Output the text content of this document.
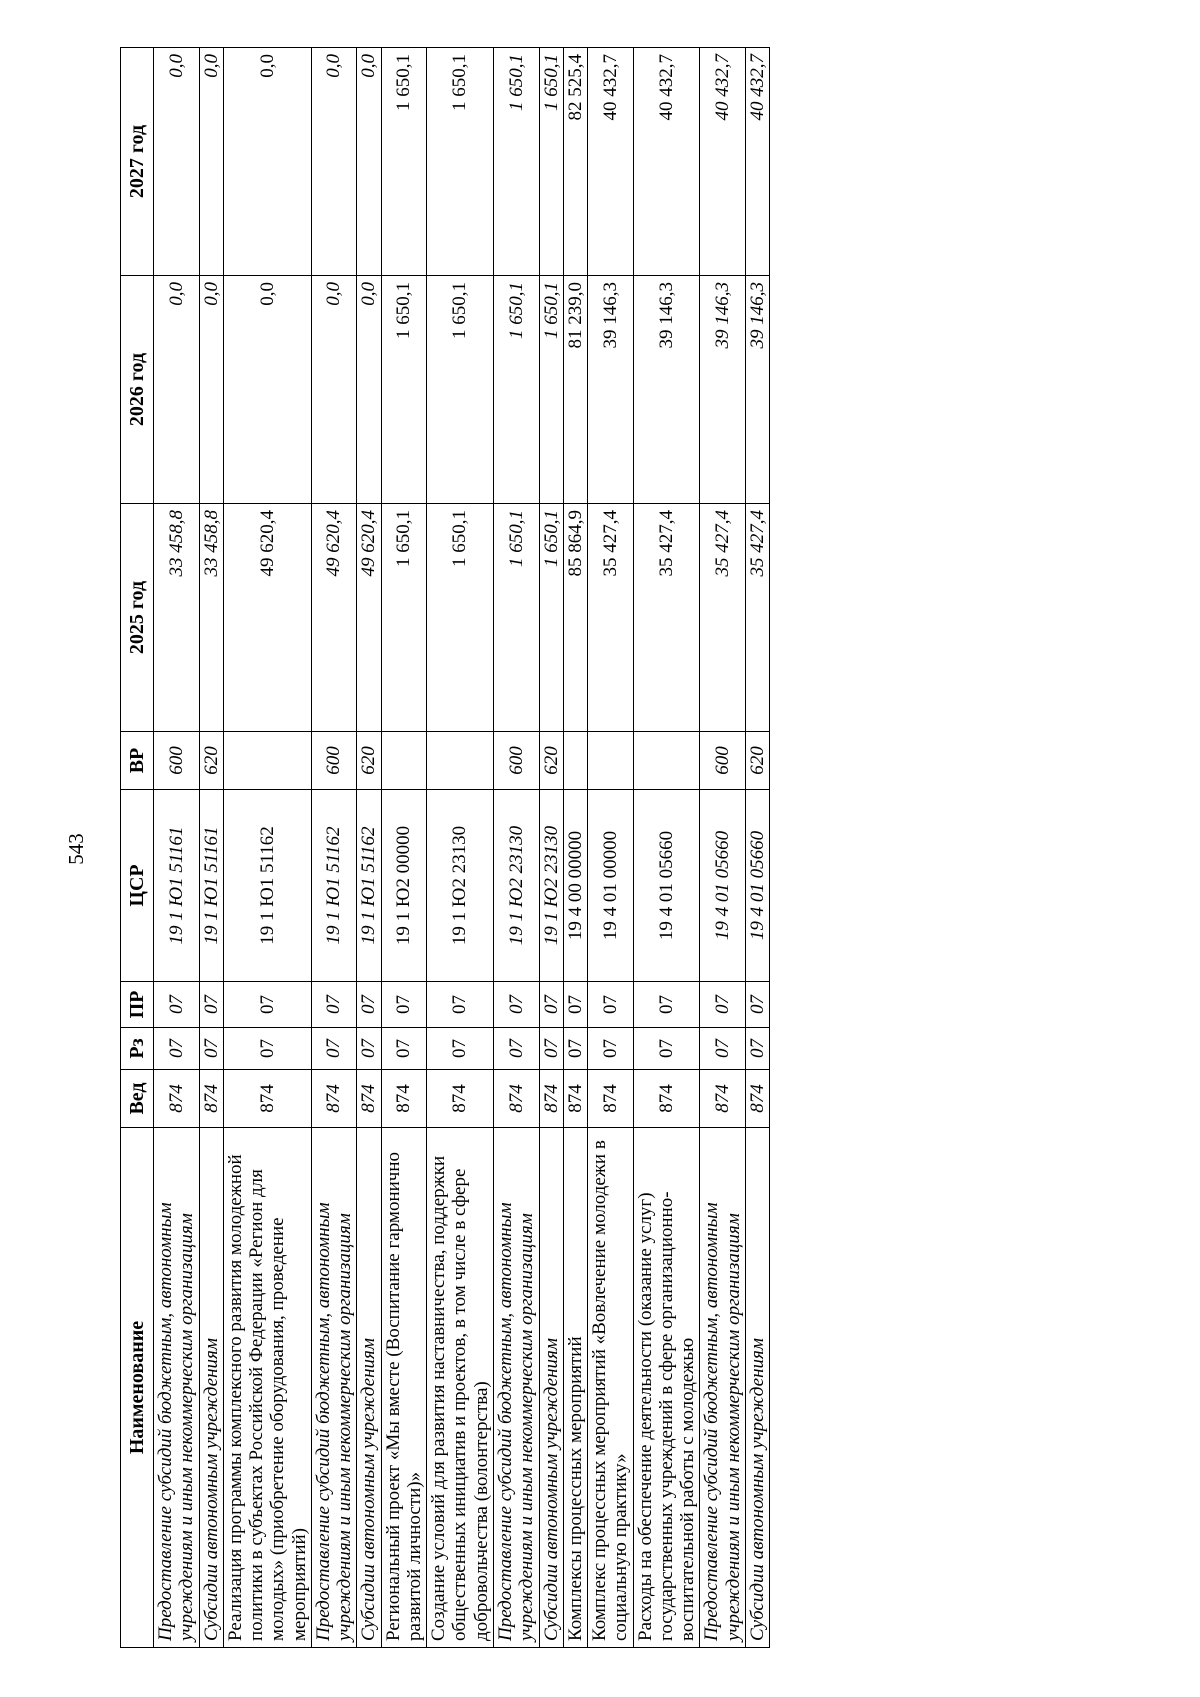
543
Наименование	Вед	Рз	ПР	ЦСР	ВР	2025 год	2026 год	2027 год
Предоставление субсидий бюджетным, автономным учреждениям и иным некоммерческим организациям	874	07	07	19 1 Ю1 51161	600	33 458,8	0,0	0,0
Субсидии автономным учреждениям	874	07	07	19 1 Ю1 51161	620	33 458,8	0,0	0,0
Реализация программы комплексного развития молодежной политики в субъектах Российской Федерации «Регион для молодых» (приобретение оборудования, проведение мероприятий)	874	07	07	19 1 Ю1 51162		49 620,4	0,0	0,0
Предоставление субсидий бюджетным, автономным учреждениям и иным некоммерческим организациям	874	07	07	19 1 Ю1 51162	600	49 620,4	0,0	0,0
Субсидии автономным учреждениям	874	07	07	19 1 Ю1 51162	620	49 620,4	0,0	0,0
Региональный проект «Мы вместе (Воспитание гармонично развитой личности)»	874	07	07	19 1 Ю2 00000		1 650,1	1 650,1	1 650,1
Создание условий для развития наставничества, поддержки общественных инициатив и проектов, в том числе в сфере добровольчества (волонтерства)	874	07	07	19 1 Ю2 23130		1 650,1	1 650,1	1 650,1
Предоставление субсидий бюджетным, автономным учреждениям и иным некоммерческим организациям	874	07	07	19 1 Ю2 23130	600	1 650,1	1 650,1	1 650,1
Субсидии автономным учреждениям	874	07	07	19 1 Ю2 23130	620	1 650,1	1 650,1	1 650,1
Комплексы процессных мероприятий	874	07	07	19 4 00 00000		85 864,9	81 239,0	82 525,4
Комплекс процессных мероприятий «Вовлечение молодежи в социальную практику»	874	07	07	19 4 01 00000		35 427,4	39 146,3	40 432,7
Расходы на обеспечение деятельности (оказание услуг) государственных учреждений в сфере организационно-воспитательной работы с молодежью	874	07	07	19 4 01 05660		35 427,4	39 146,3	40 432,7
Предоставление субсидий бюджетным, автономным учреждениям и иным некоммерческим организациям	874	07	07	19 4 01 05660	600	35 427,4	39 146,3	40 432,7
Субсидии автономным учреждениям	874	07	07	19 4 01 05660	620	35 427,4	39 146,3	40 432,7
